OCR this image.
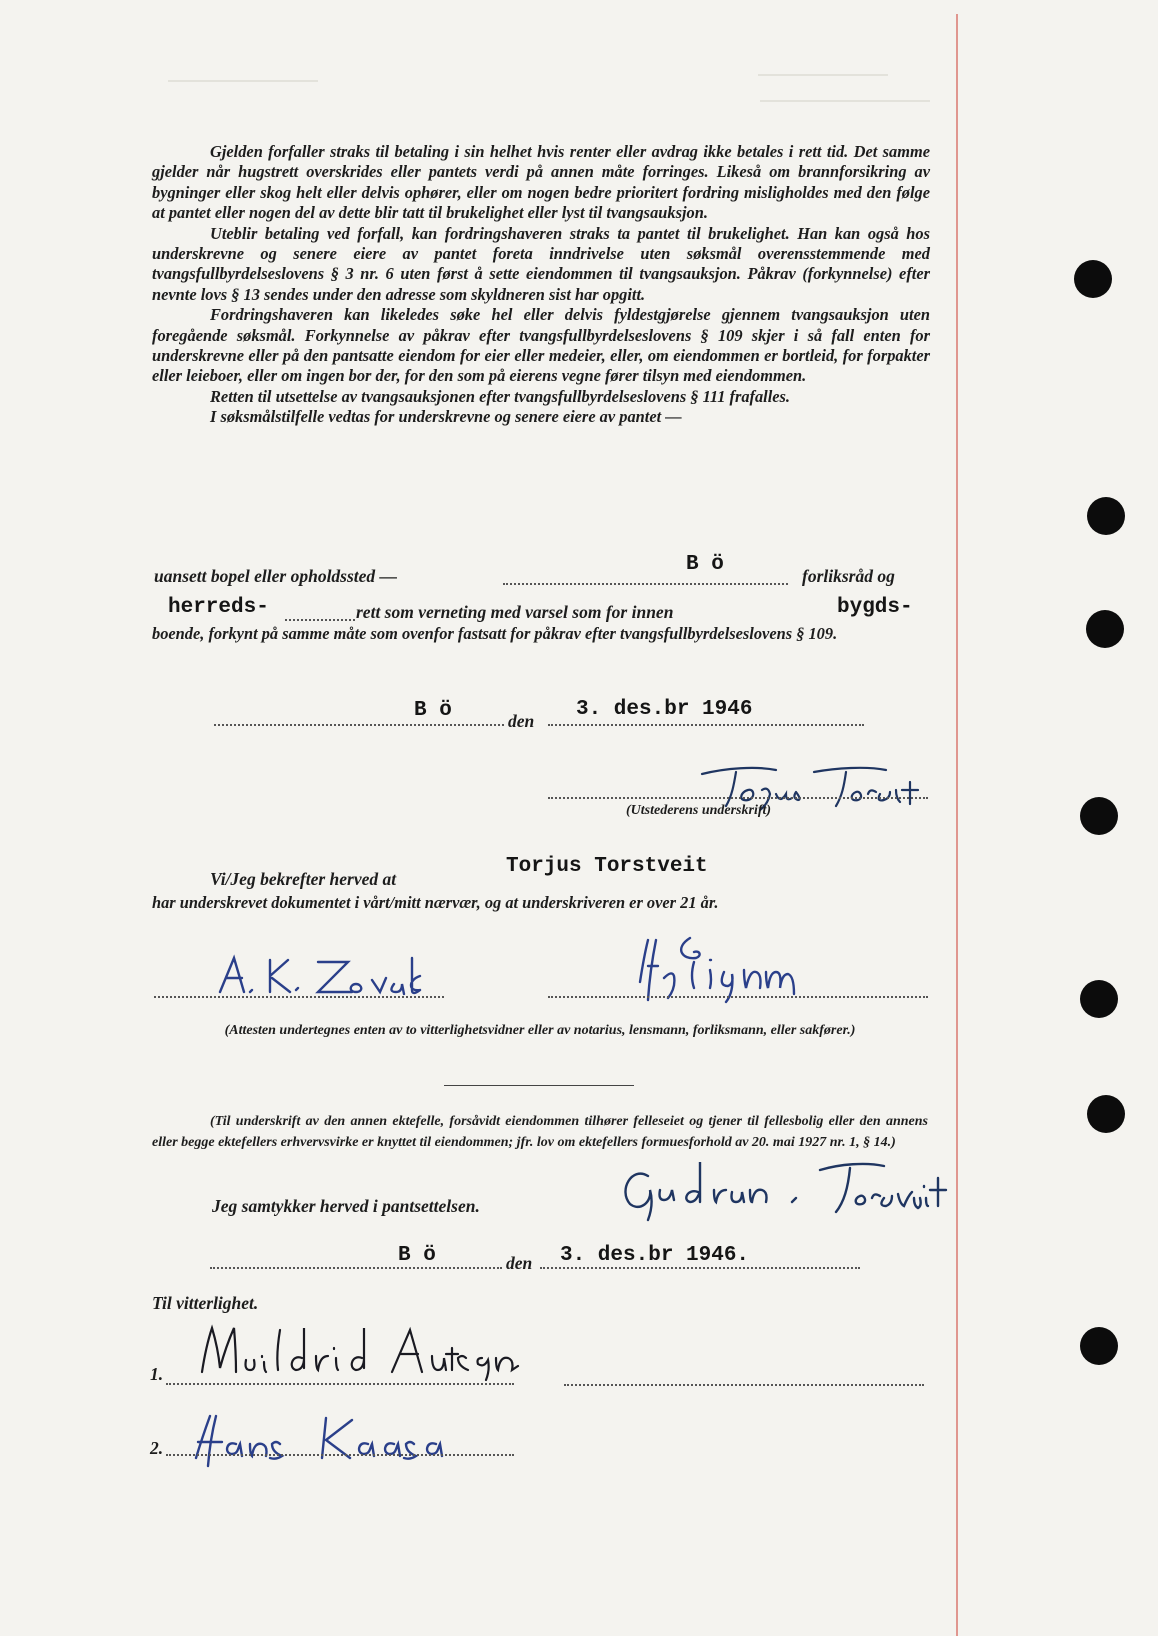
Gjelden forfaller straks til betaling i sin helhet hvis renter eller avdrag ikke betales i rett tid. Det samme gjelder når hugstrett overskrides eller pantets verdi på annen måte forringes. Likeså om brannforsikring av bygninger eller skog helt eller delvis ophører, eller om nogen bedre prioritert fordring misligholdes med den følge at pantet eller nogen del av dette blir tatt til brukelighet eller lyst til tvangsauksjon.

Uteblir betaling ved forfall, kan fordringshaveren straks ta pantet til brukelighet. Han kan også hos underskrevne og senere eiere av pantet foreta inndrivelse uten søksmål overensstemmende med tvangsfullbyrdelseslovens § 3 nr. 6 uten først å sette eiendommen til tvangsauksjon. Påkrav (forkynnelse) efter nevnte lovs § 13 sendes under den adresse som skyldneren sist har opgitt.

Fordringshaveren kan likeledes søke hel eller delvis fyldestgjørelse gjennem tvangsauksjon uten foregående søksmål. Forkynnelse av påkrav efter tvangsfullbyrdelseslovens § 109 skjer i så fall enten for underskrevne eller på den pantsatte eiendom for eier eller medeier, eller, om eiendommen er bortleid, for forpakter eller leieboer, eller om ingen bor der, for den som på eierens vegne fører tilsyn med eiendommen.

Retten til utsettelse av tvangsauksjonen efter tvangsfullbyrdelseslovens § 111 frafalles.

I søksmålstilfelle vedtas for underskrevne og senere eiere av pantet —

uansett bopel eller opholdssted —	B ö	forliksråd og
herreds-	rett som verneting med varsel som for innen	bygds-

boende, forkynt på samme måte som ovenfor fastsatt for påkrav efter tvangsfullbyrdelseslovens § 109.

B ö	den 3. des.br 1946
(Utstederens underskrift)
Vi/Jeg bekrefter herved at
Torjus Torstveit

har underskrevet dokumentet i vårt/mitt nærvær, og at underskriveren er over 21 år.

(Attesten undertegnes enten av to vitterlighetsvidner eller av notarius, lensmann, forliksmann, eller sakfører.)

(Til underskrift av den annen ektefelle, forsåvidt eiendommen tilhører felleseiet og tjener til fellesbolig eller den annens eller begge ektefellers erhvervsvirke er knyttet til eiendommen; jfr. lov om ektefellers formuesforhold av 20. mai 1927 nr. 1, § 14.)

Jeg samtykker herved i pantsettelsen.
B ö	den 3. des.br 1946.
Til vitterlighet.
1.
2.
